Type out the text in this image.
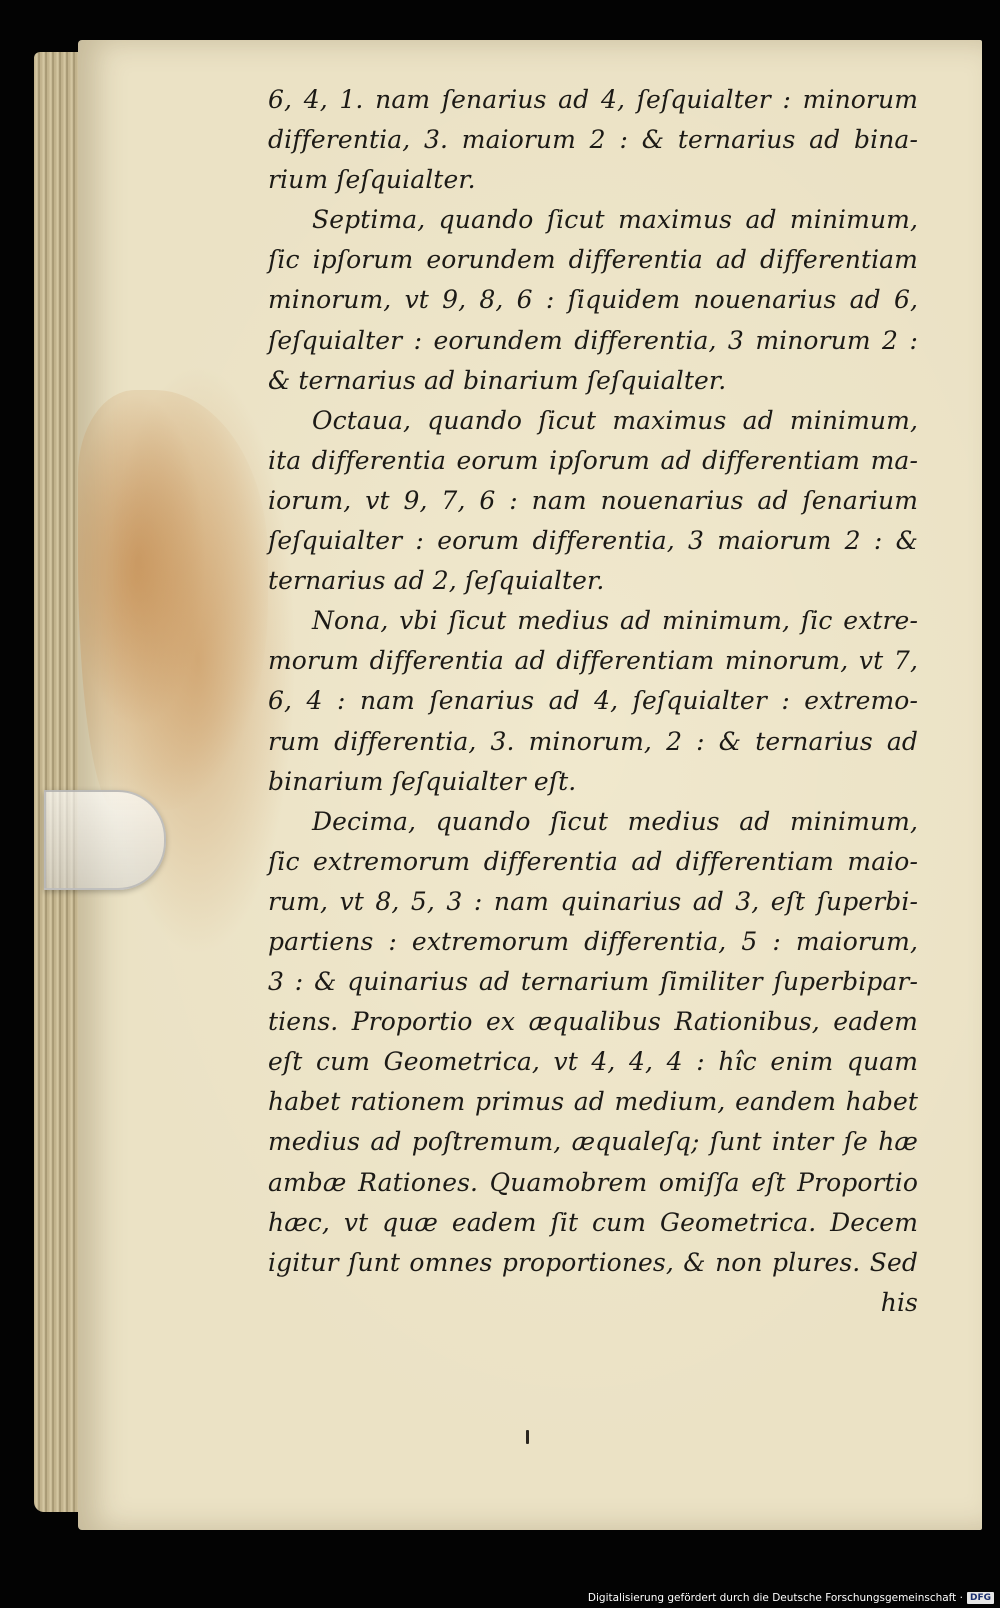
6, 4, 1. nam ſenarius ad 4, ſeſquialter : minorum
differentia, 3. maiorum 2 : & ternarius ad bina-
rium ſeſquialter.
Septima, quando ſicut maximus ad minimum,
ſic ipſorum eorundem differentia ad differentiam
minorum, vt 9, 8, 6 : ſiquidem nouenarius ad 6,
ſeſquialter : eorundem differentia, 3 minorum 2 :
& ternarius ad binarium ſeſquialter.
Octaua, quando ſicut maximus ad minimum,
ita differentia eorum ipſorum ad differentiam ma-
iorum, vt 9, 7, 6 : nam nouenarius ad ſenarium
ſeſquialter : eorum differentia, 3 maiorum 2 : &
ternarius ad 2, ſeſquialter.
Nona, vbi ſicut medius ad minimum, ſic extre-
morum differentia ad differentiam minorum, vt 7,
6, 4 : nam ſenarius ad 4, ſeſquialter : extremo-
rum differentia, 3. minorum, 2 : & ternarius ad
binarium ſeſquialter eſt.
Decima, quando ſicut medius ad minimum,
ſic extremorum differentia ad differentiam maio-
rum, vt 8, 5, 3 : nam quinarius ad 3, eſt ſuperbi-
partiens : extremorum differentia, 5 : maiorum,
3 : & quinarius ad ternarium ſimiliter ſuperbipar-
tiens. Proportio ex æqualibus Rationibus, eadem
eſt cum Geometrica, vt 4, 4, 4 : hîc enim quam
habet rationem primus ad medium, eandem habet
medius ad poſtremum, æqualeſq; ſunt inter ſe hæ
ambæ Rationes. Quamobrem omiſſa eſt Proportio
hæc, vt quæ eadem ſit cum Geometrica. Decem
igitur ſunt omnes proportiones, & non plures. Sed
his
Digitalisierung gefördert durch die Deutsche Forschungsgemeinschaft · DFG
